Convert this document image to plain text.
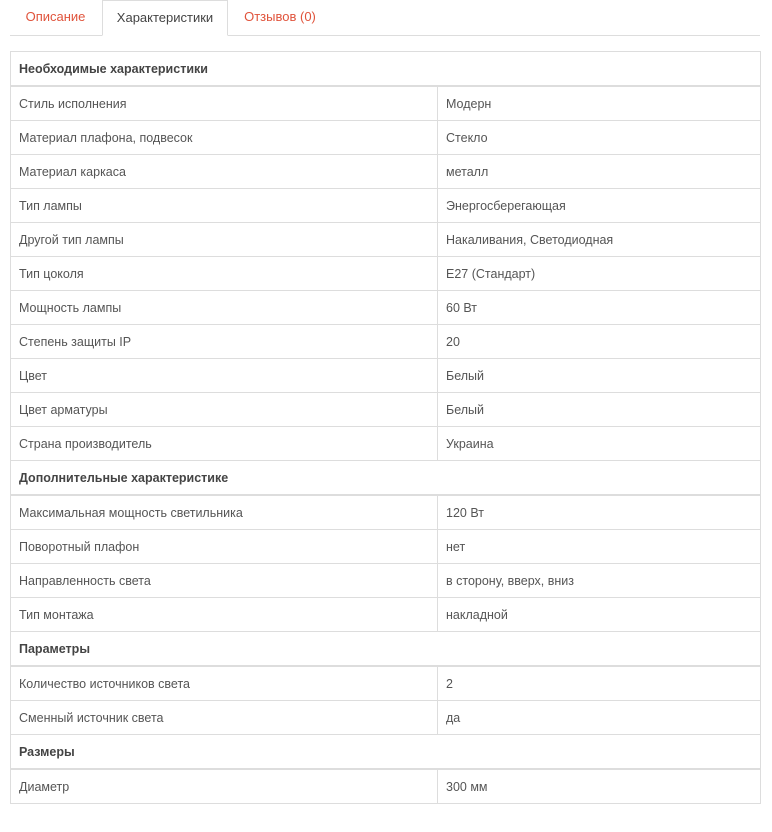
Описание	Характеристики	Отзывов (0)
Необходимые характеристики	
Стиль исполнения	Модерн
Материал плафона, подвесок	Стекло
Материал каркаса	металл
Тип лампы	Энергосберегающая
Другой тип лампы	Накаливания, Светодиодная
Тип цоколя	E27 (Стандарт)
Мощность лампы	60 Вт
Степень защиты IP	20
Цвет	Белый
Цвет арматуры	Белый
Страна производитель	Украина
Дополнительные характеристике	
Максимальная мощность светильника	120 Вт
Поворотный плафон	нет
Направленность света	в сторону, вверх, вниз
Тип монтажа	накладной
Параметры	
Количество источников света	2
Сменный источник света	да
Размеры	
Диаметр	300 мм
